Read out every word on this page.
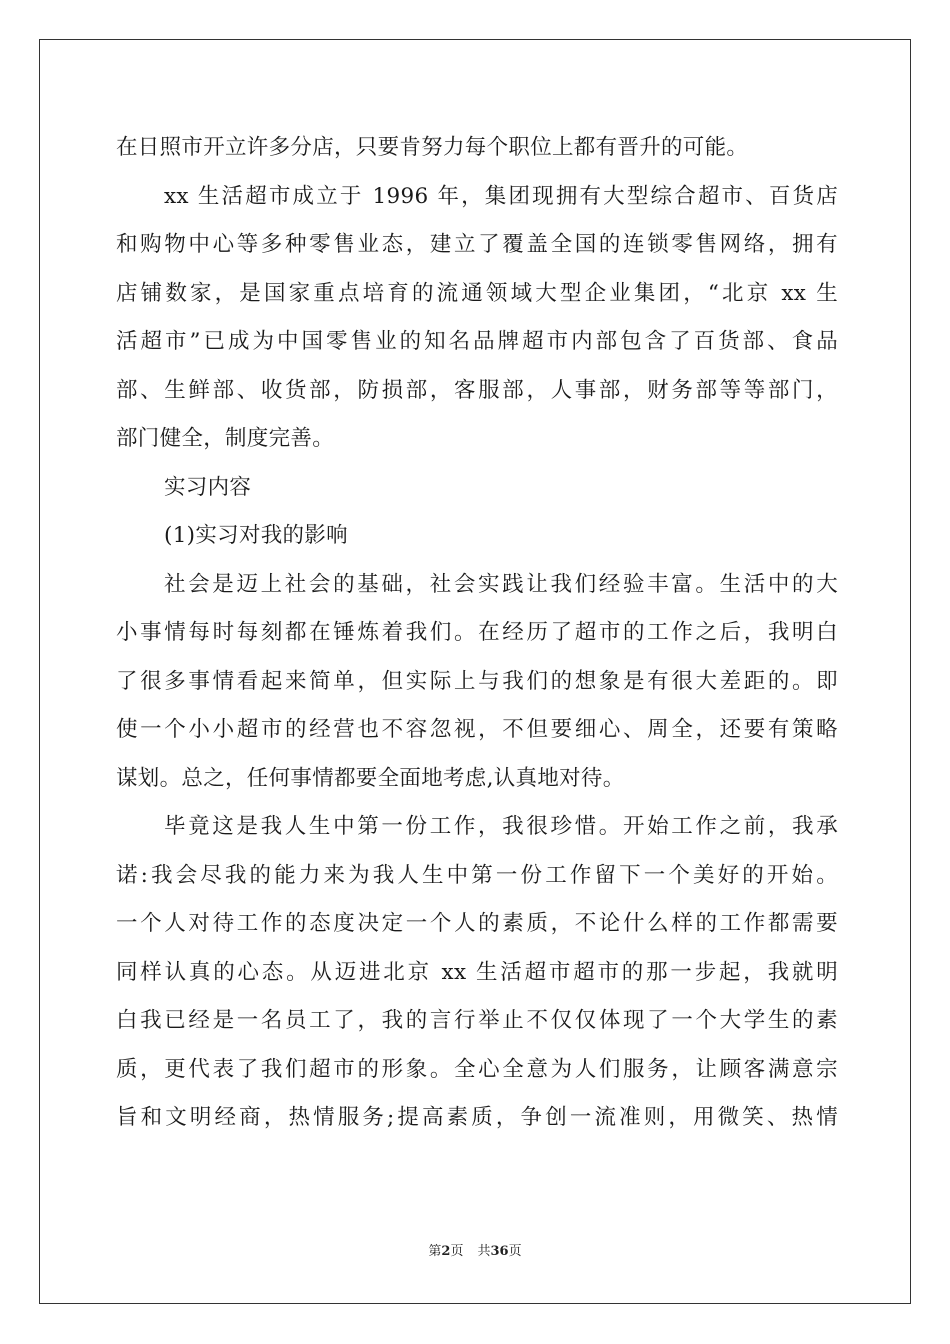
在日照市开立许多分店，只要肯努力每个职位上都有晋升的可能。
xx 生活超市成立于 1996 年，集团现拥有大型综合超市、百货店
和购物中心等多种零售业态，建立了覆盖全国的连锁零售网络，拥有
店铺数家，是国家重点培育的流通领域大型企业集团，“北京 xx 生
活超市”已成为中国零售业的知名品牌超市内部包含了百货部、食品
部、生鲜部、收货部，防损部，客服部，人事部，财务部等等部门，
部门健全，制度完善。
实习内容
(1)实习对我的影响
社会是迈上社会的基础，社会实践让我们经验丰富。生活中的大
小事情每时每刻都在锤炼着我们。在经历了超市的工作之后，我明白
了很多事情看起来简单，但实际上与我们的想象是有很大差距的。即
使一个小小超市的经营也不容忽视，不但要细心、周全，还要有策略
谋划。总之，任何事情都要全面地考虑,认真地对待。
毕竟这是我人生中第一份工作，我很珍惜。开始工作之前，我承
诺:我会尽我的能力来为我人生中第一份工作留下一个美好的开始。
一个人对待工作的态度决定一个人的素质，不论什么样的工作都需要
同样认真的心态。从迈进北京 xx 生活超市超市的那一步起，我就明
白我已经是一名员工了，我的言行举止不仅仅体现了一个大学生的素
质，更代表了我们超市的形象。全心全意为人们服务，让顾客满意宗
旨和文明经商，热情服务;提高素质，争创一流准则，用微笑、热情
第2页 共36页
